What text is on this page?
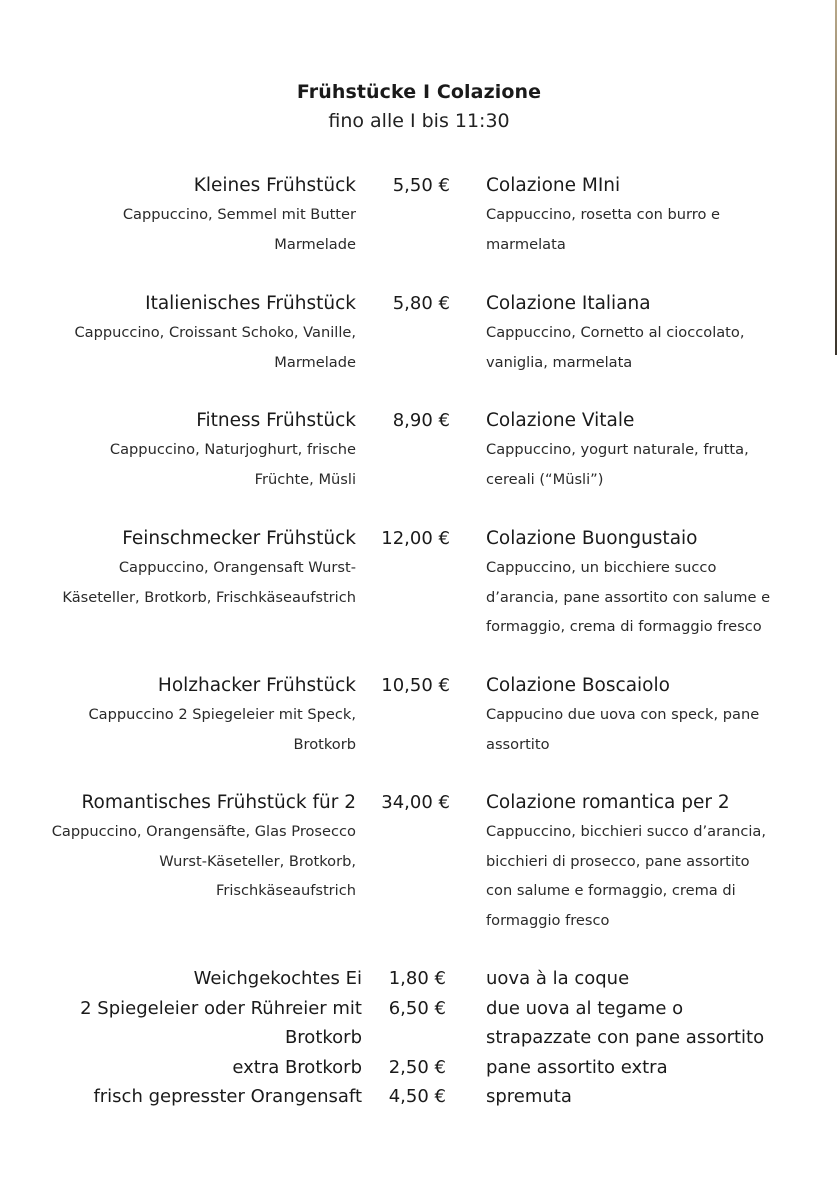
Frühstücke I Colazione
fino alle I bis 11:30
Kleines Frühstück
Cappuccino, Semmel mit Butter
Marmelade
5,50 € Colazione MIni
Cappuccino, rosetta con burro e
marmelata
Italienisches Frühstück
Cappuccino, Croissant Schoko, Vanille,
Marmelade
5,80 € Colazione Italiana
Cappuccino, Cornetto al cioccolato,
vaniglia, marmelata
Fitness Frühstück
Cappuccino, Naturjoghurt, frische
Früchte, Müsli
8,90 € Colazione Vitale
Cappuccino, yogurt naturale, frutta,
cereali (“Müsli”)
Feinschmecker Frühstück
Cappuccino, Orangensaft Wurst-
Käseteller, Brotkorb, Frischkäseaufstrich
12,00 € Colazione Buongustaio
Cappuccino, un bicchiere succo
d’arancia, pane assortito con salume e
formaggio, crema di formaggio fresco
Holzhacker Frühstück
Cappuccino 2 Spiegeleier mit Speck,
Brotkorb
10,50 € Colazione Boscaiolo
Cappucino due uova con speck, pane
assortito
Romantisches Frühstück für 2
Cappuccino, Orangensäfte, Glas Prosecco
Wurst-Käseteller, Brotkorb,
Frischkäseaufstrich
34,00 € Colazione romantica per 2
Cappuccino, bicchieri succo d’arancia,
bicchieri di prosecco, pane assortito
con salume e formaggio, crema di
formaggio fresco
Weichgekochtes Ei 1,80 € uova à la coque
2 Spiegeleier oder Rühreier mit 6,50 € due uova al tegame o
Brotkorb	strapazzate con pane assortito
extra Brotkorb 2,50 € pane assortito extra
frisch gepresster Orangensaft 4,50 € spremuta
